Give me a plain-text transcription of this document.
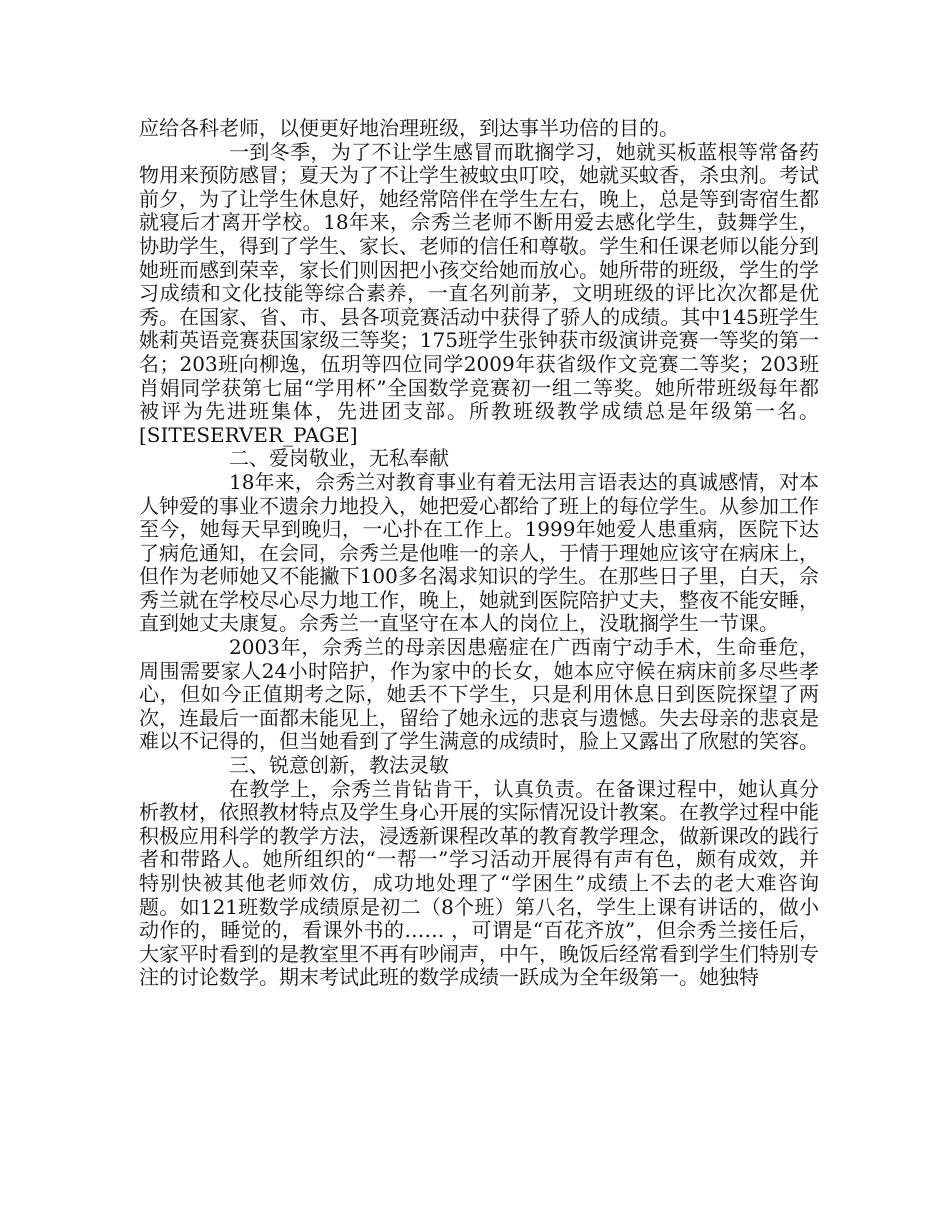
应给各科老师，以便更好地治理班级，到达事半功倍的目的。

一到冬季，为了不让学生感冒而耽搁学习，她就买板蓝根等常备药物用来预防感冒；夏天为了不让学生被蚊虫叮咬，她就买蚊香，杀虫剂。考试前夕，为了让学生休息好，她经常陪伴在学生左右，晚上，总是等到寄宿生都就寝后才离开学校。18年来，佘秀兰老师不断用爱去感化学生，鼓舞学生，协助学生，得到了学生、家长、老师的信任和尊敬。学生和任课老师以能分到她班而感到荣幸，家长们则因把小孩交给她而放心。她所带的班级，学生的学习成绩和文化技能等综合素养，一直名列前茅，文明班级的评比次次都是优秀。在国家、省、市、县各项竞赛活动中获得了骄人的成绩。其中145班学生姚莉英语竞赛获国家级三等奖；175班学生张钟获市级演讲竞赛一等奖的第一名；203班向柳逸，伍玥等四位同学2009年获省级作文竞赛二等奖；203班肖娟同学获第七届“学用杯”全国数学竞赛初一组二等奖。她所带班级每年都被评为先进班集体，先进团支部。所教班级教学成绩总是年级第一名。[SITESERVER_PAGE]

二、爱岗敬业，无私奉献

18年来，佘秀兰对教育事业有着无法用言语表达的真诚感情，对本人钟爱的事业不遗余力地投入，她把爱心都给了班上的每位学生。从参加工作至今，她每天早到晚归，一心扑在工作上。1999年她爱人患重病，医院下达了病危通知，在会同，佘秀兰是他唯一的亲人，于情于理她应该守在病床上，但作为老师她又不能撇下100多名渴求知识的学生。在那些日子里，白天，佘秀兰就在学校尽心尽力地工作，晚上，她就到医院陪护丈夫，整夜不能安睡，直到她丈夫康复。佘秀兰一直坚守在本人的岗位上，没耽搁学生一节课。

2003年，佘秀兰的母亲因患癌症在广西南宁动手术，生命垂危，周围需要家人24小时陪护，作为家中的长女，她本应守候在病床前多尽些孝心，但如今正值期考之际，她丢不下学生，只是利用休息日到医院探望了两次，连最后一面都未能见上，留给了她永远的悲哀与遗憾。失去母亲的悲哀是难以不记得的，但当她看到了学生满意的成绩时，脸上又露出了欣慰的笑容。

三、锐意创新，教法灵敏

在教学上，佘秀兰肯钻肯干，认真负责。在备课过程中，她认真分析教材，依照教材特点及学生身心开展的实际情况设计教案。在教学过程中能积极应用科学的教学方法，浸透新课程改革的教育教学理念，做新课改的践行者和带路人。她所组织的“一帮一”学习活动开展得有声有色，颇有成效，并特别快被其他老师效仿，成功地处理了“学困生”成绩上不去的老大难咨询题。如121班数学成绩原是初二（8个班）第八名，学生上课有讲话的，做小动作的，睡觉的，看课外书的…… ，可谓是“百花齐放”，但佘秀兰接任后，大家平时看到的是教室里不再有吵闹声，中午，晚饭后经常看到学生们特别专注的讨论数学。期末考试此班的数学成绩一跃成为全年级第一。她独特
